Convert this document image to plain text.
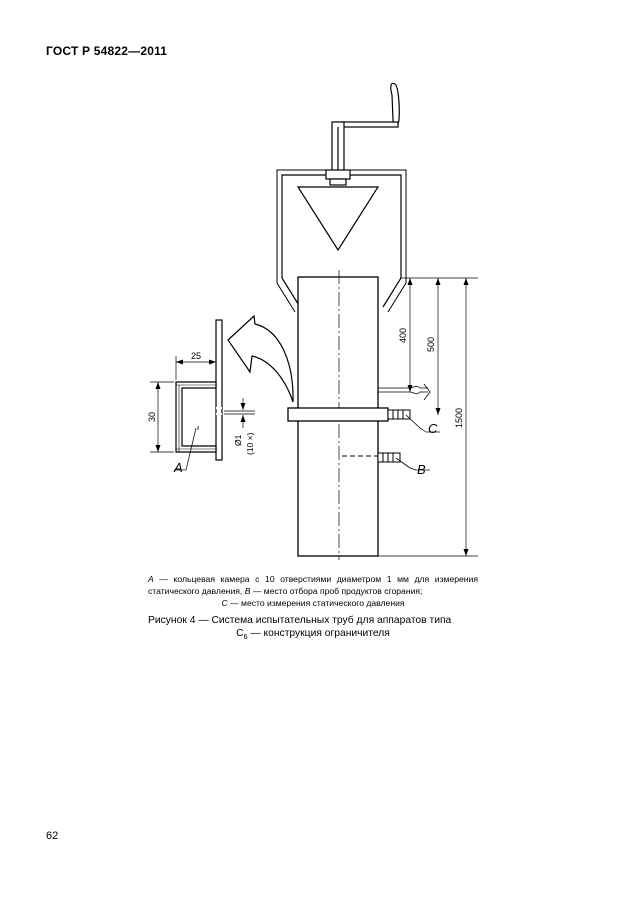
ГОСТ Р 54822—2011
400
500
1500
25
30
Ø1 (10 ×)
A	B
C
A — кольцевая камера с 10 отверстиями диаметром 1 мм для измерения статического давления, B — место отбора проб продуктов сгорания;
C — место измерения статического давления
Рисунок 4 — Система испытательных труб для аппаратов типа
$C_6$ — конструкция ограничителя
62
